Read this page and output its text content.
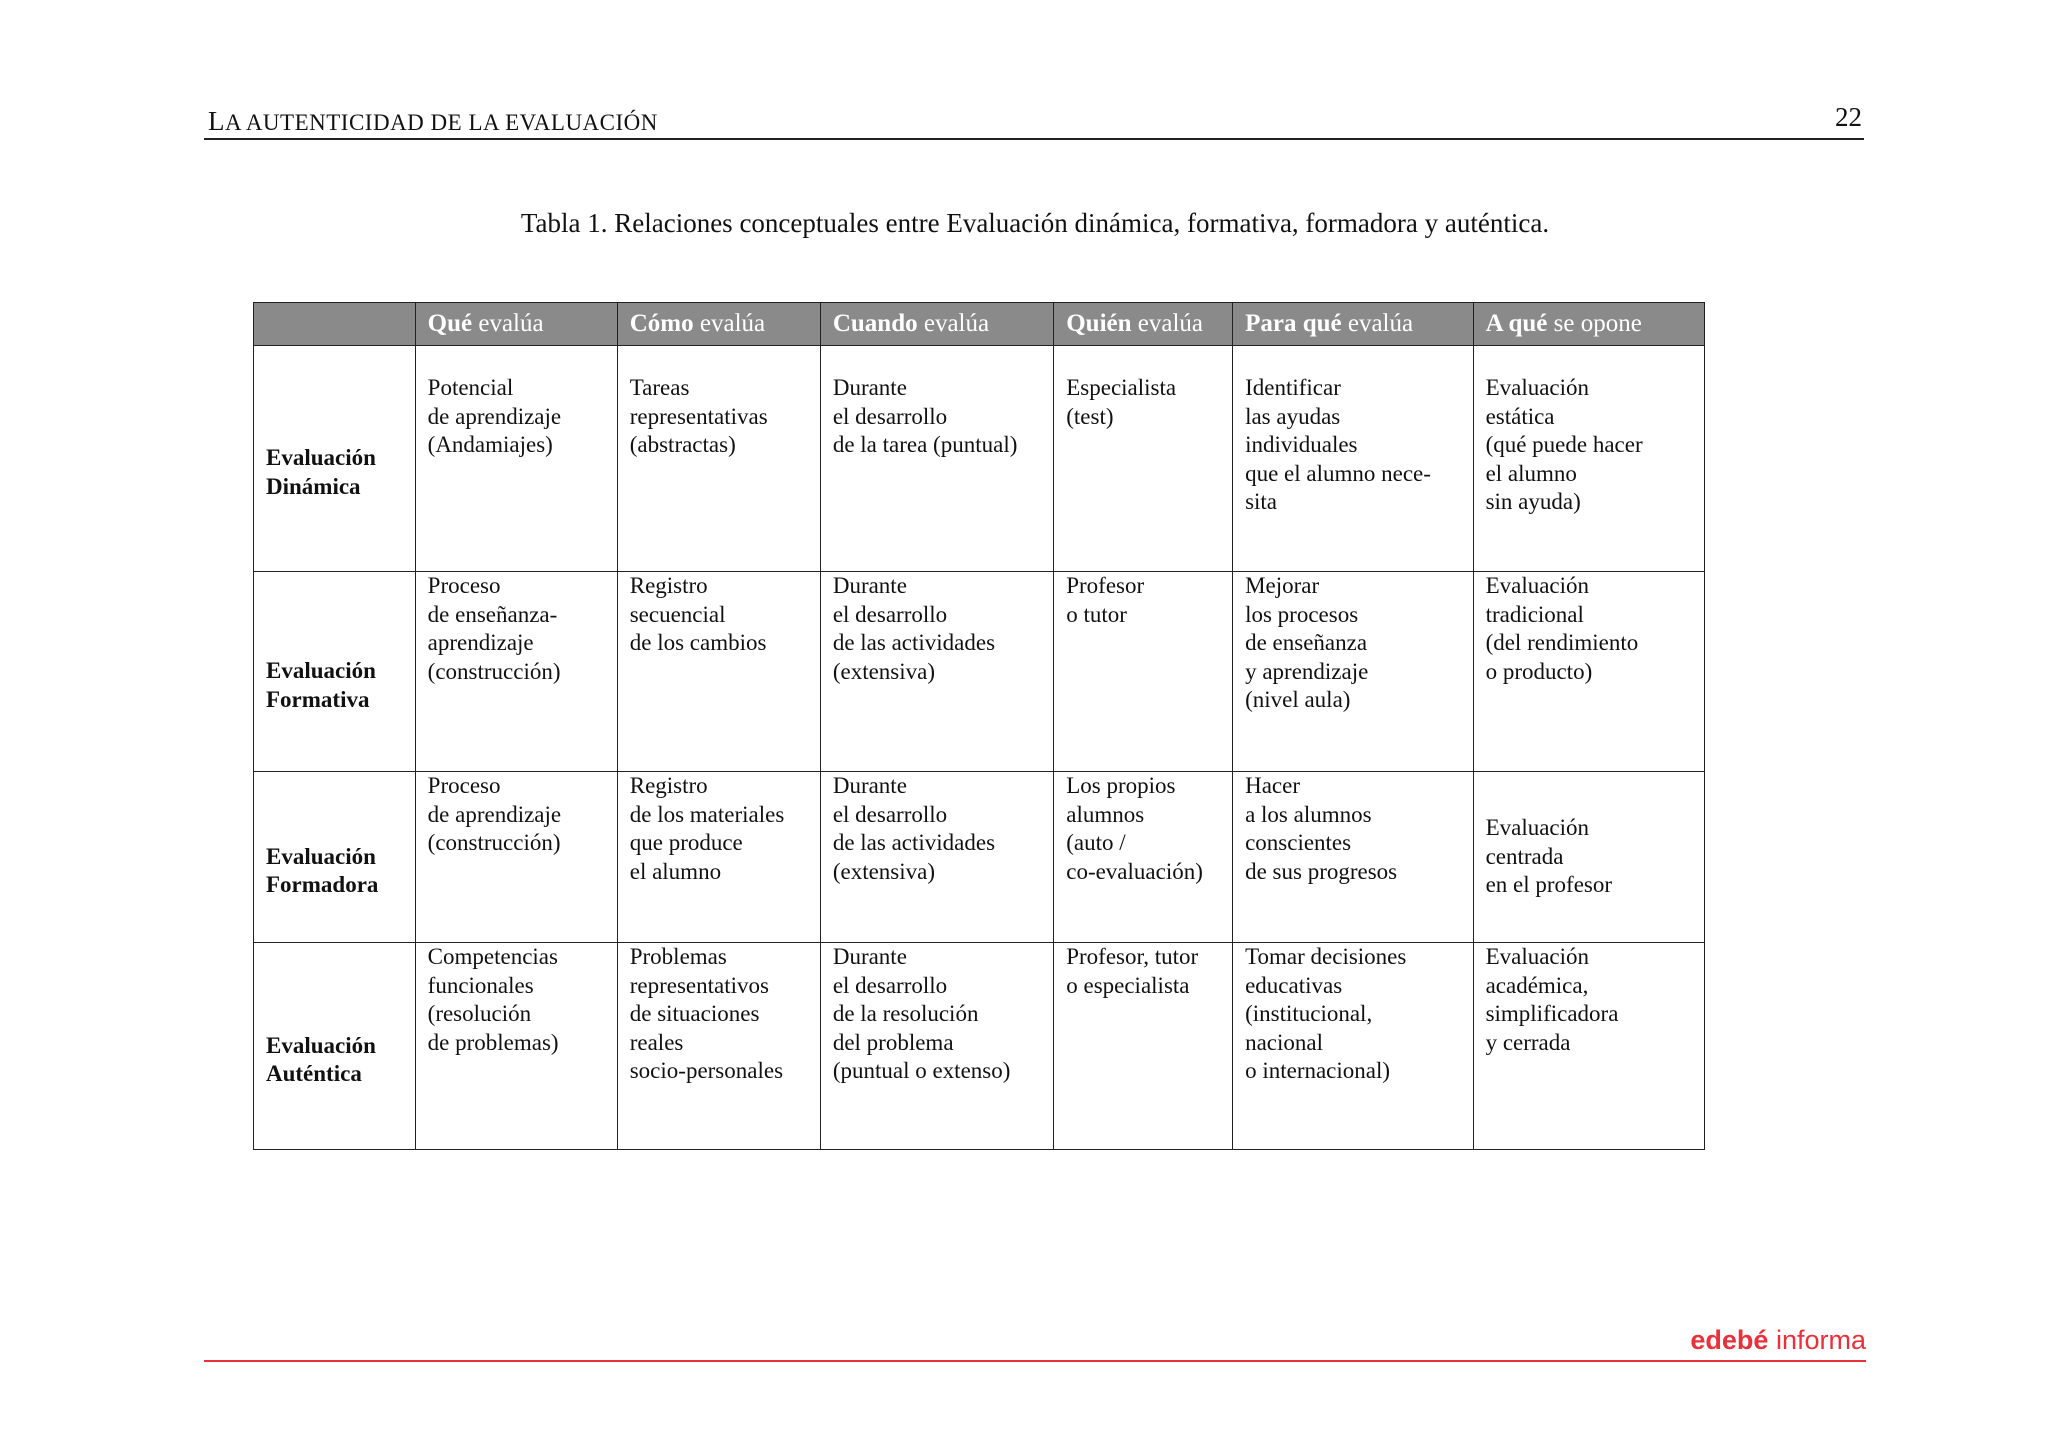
LA AUTENTICIDAD DE LA EVALUACIÓN	22
Tabla 1. Relaciones conceptuales entre Evaluación dinámica, formativa, formadora y auténtica.
	Qué evalúa	Cómo evalúa	Cuando evalúa	Quién evalúa	Para qué evalúa	A qué se opone

Evaluación
Dinámica	Potencial
de aprendizaje
(Andamiajes)	Tareas
representativas
(abstractas)	Durante
el desarrollo
de la tarea (puntual)	Especialista
(test)	Identificar
las ayudas
individuales
que el alumno nece-
sita	Evaluación
estática
(qué puede hacer
el alumno
sin ayuda)

Evaluación
Formativa	Proceso
de enseñanza-
aprendizaje
(construcción)	Registro
secuencial
de los cambios	Durante
el desarrollo
de las actividades
(extensiva)	Profesor
o tutor	Mejorar
los procesos
de enseñanza
y aprendizaje
(nivel aula)	Evaluación
tradicional
(del rendimiento
o producto)

Evaluación
Formadora	Proceso
de aprendizaje
(construcción)	Registro
de los materiales
que produce
el alumno	Durante
el desarrollo
de las actividades
(extensiva)	Los propios
alumnos
(auto /
co-evaluación)	Hacer
a los alumnos
conscientes
de sus progresos	Evaluación
centrada
en el profesor

Evaluación
Auténtica	Competencias
funcionales
(resolución
de problemas)	Problemas
representativos
de situaciones
reales
socio-personales	Durante
el desarrollo
de la resolución
del problema
(puntual o extenso)	Profesor, tutor
o especialista	Tomar decisiones
educativas
(institucional,
nacional
o internacional)	Evaluación
académica,
simplificadora
y cerrada
edebé informa
